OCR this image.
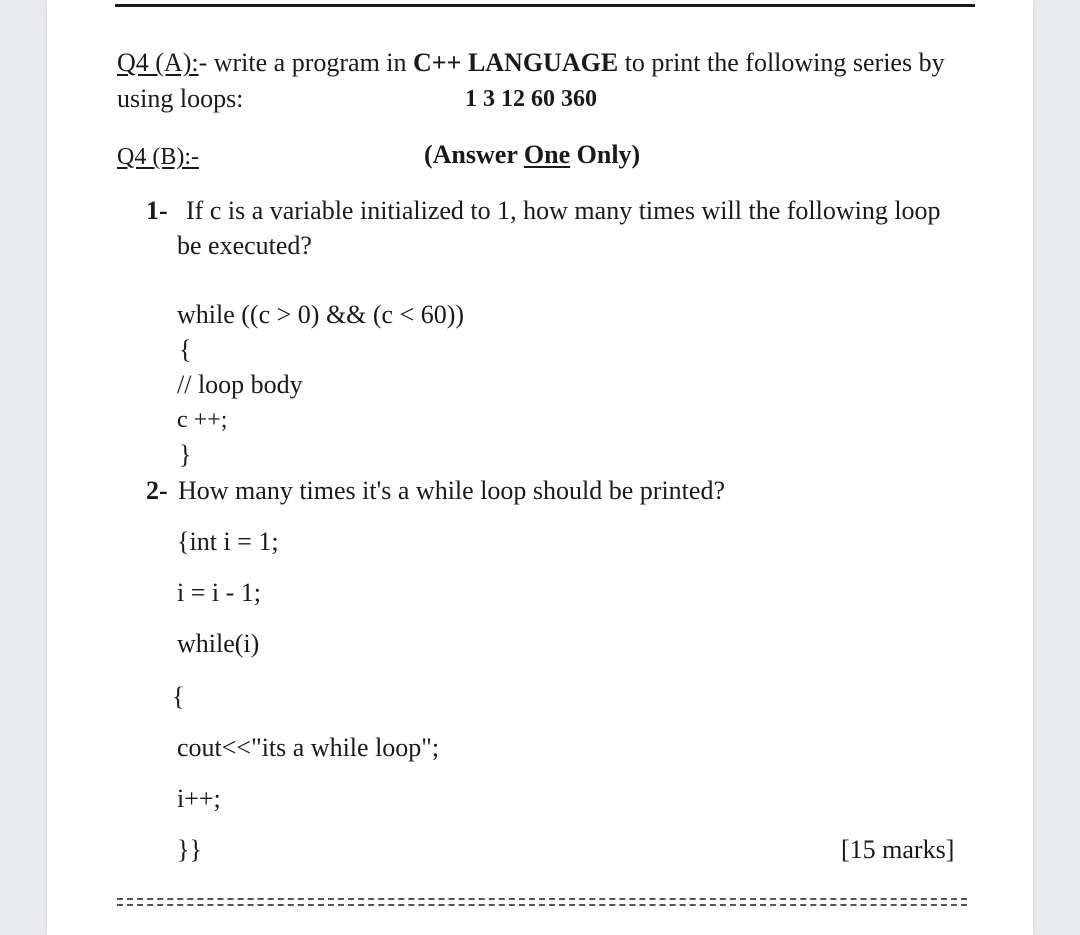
Q4 (A):- write a program in C++ LANGUAGE to print the following series by
using loops:	1 3 12 60 360
Q4 (B):-	(Answer One Only)
1- If c is a variable initialized to 1, how many times will the following loop
be executed?
while ((c > 0) && (c < 60))
{
// loop body
c ++;
}
2- How many times it's a while loop should be printed?
{int i = 1;
i = i - 1;
while(i)
{
cout<<"its a while loop";
i++;
}}	[15 marks]
